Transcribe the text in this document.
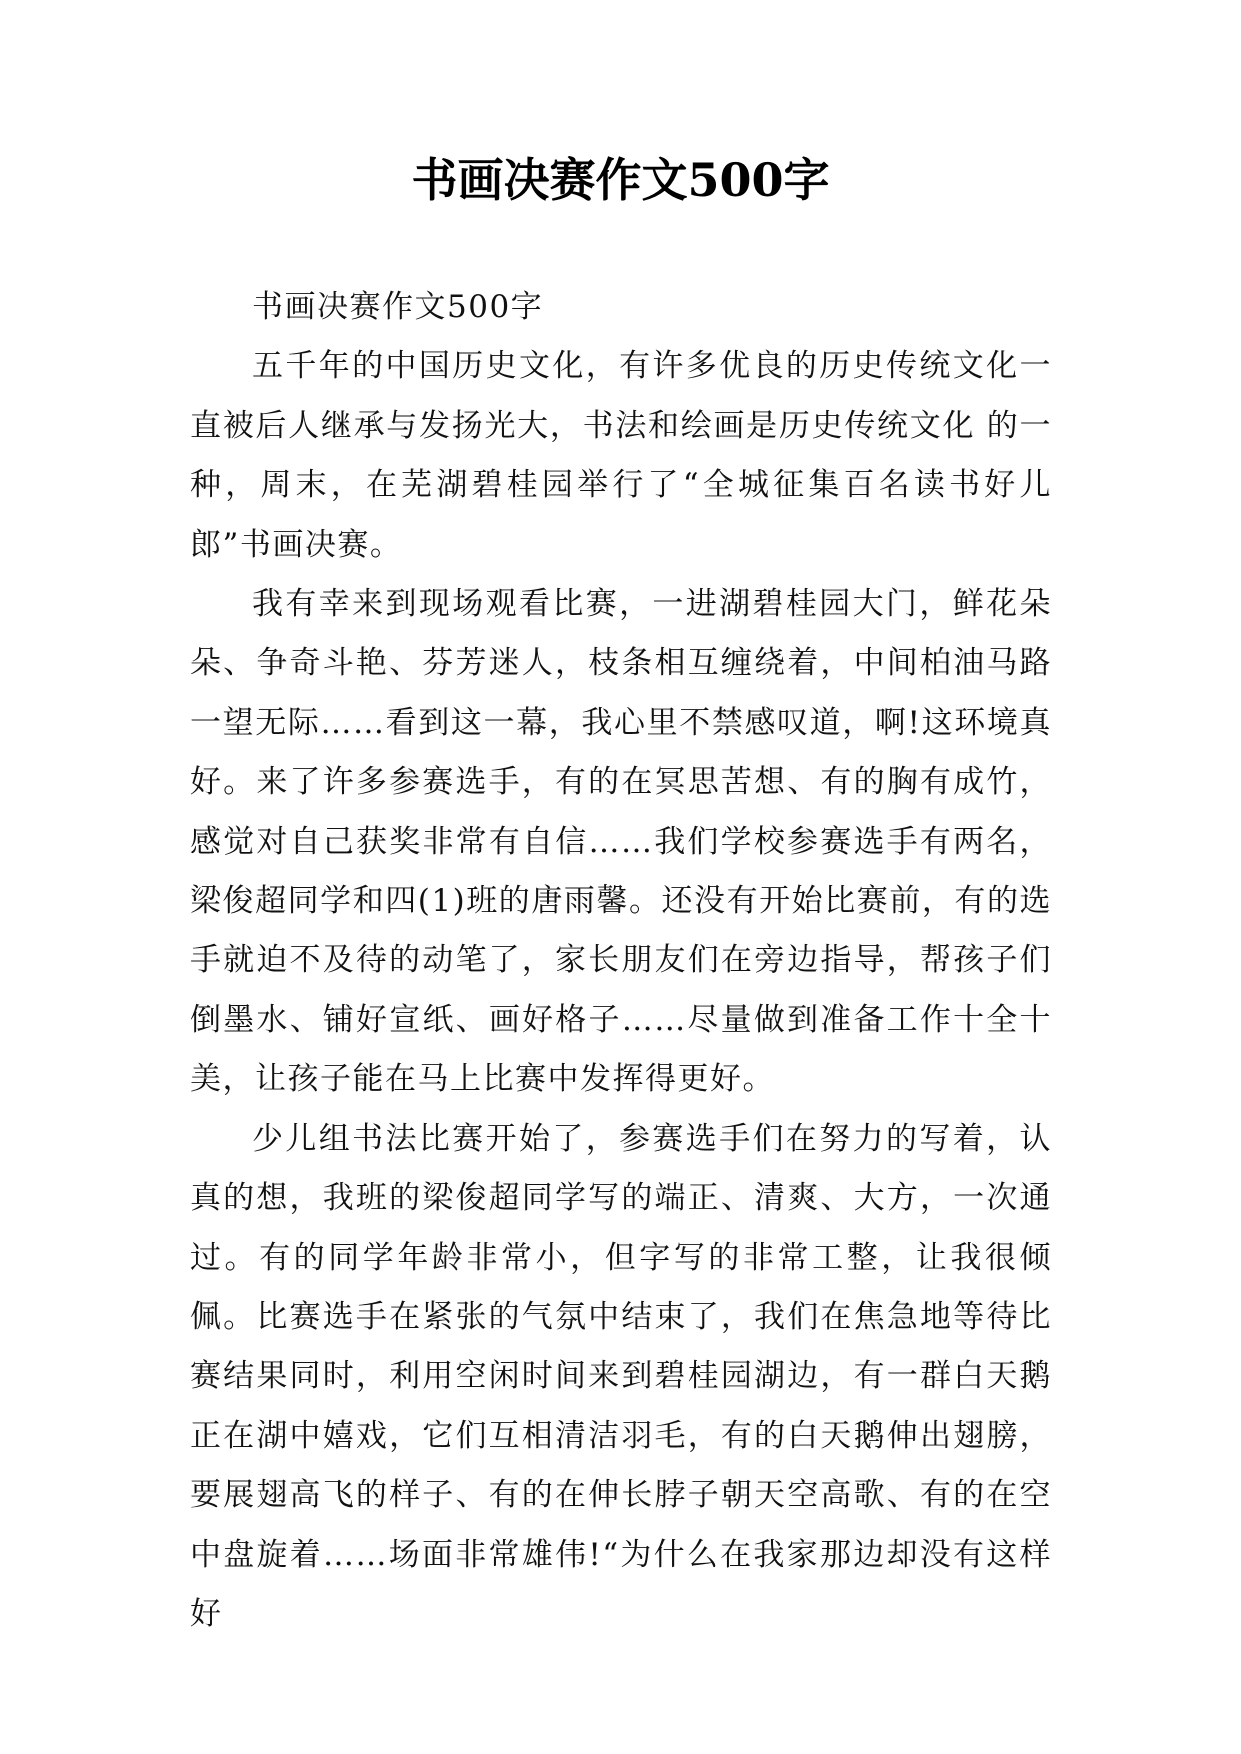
书画决赛作文500字

书画决赛作文500字

五千年的中国历史文化，有许多优良的历史传统文化一直被后人继承与发扬光大，书法和绘画是历史传统文化 的一种，周末，在芜湖碧桂园举行了“全城征集百名读书好儿郎”书画决赛。

我有幸来到现场观看比赛，一进湖碧桂园大门，鲜花朵朵、争奇斗艳、芬芳迷人，枝条相互缠绕着，中间柏油马路一望无际……看到这一幕，我心里不禁感叹道，啊!这环境真好。来了许多参赛选手，有的在冥思苦想、有的胸有成竹，感觉对自己获奖非常有自信……我们学校参赛选手有两名，梁俊超同学和四(1)班的唐雨馨。还没有开始比赛前，有的选手就迫不及待的动笔了，家长朋友们在旁边指导，帮孩子们倒墨水、铺好宣纸、画好格子……尽量做到准备工作十全十美，让孩子能在马上比赛中发挥得更好。

少儿组书法比赛开始了，参赛选手们在努力的写着，认真的想，我班的梁俊超同学写的端正、清爽、大方，一次通过。有的同学年龄非常小，但字写的非常工整，让我很倾佩。比赛选手在紧张的气氛中结束了，我们在焦急地等待比赛结果同时，利用空闲时间来到碧桂园湖边，有一群白天鹅正在湖中嬉戏，它们互相清洁羽毛，有的白天鹅伸出翅膀，要展翅高飞的样子、有的在伸长脖子朝天空高歌、有的在空中盘旋着……场面非常雄伟!“为什么在我家那边却没有这样好
